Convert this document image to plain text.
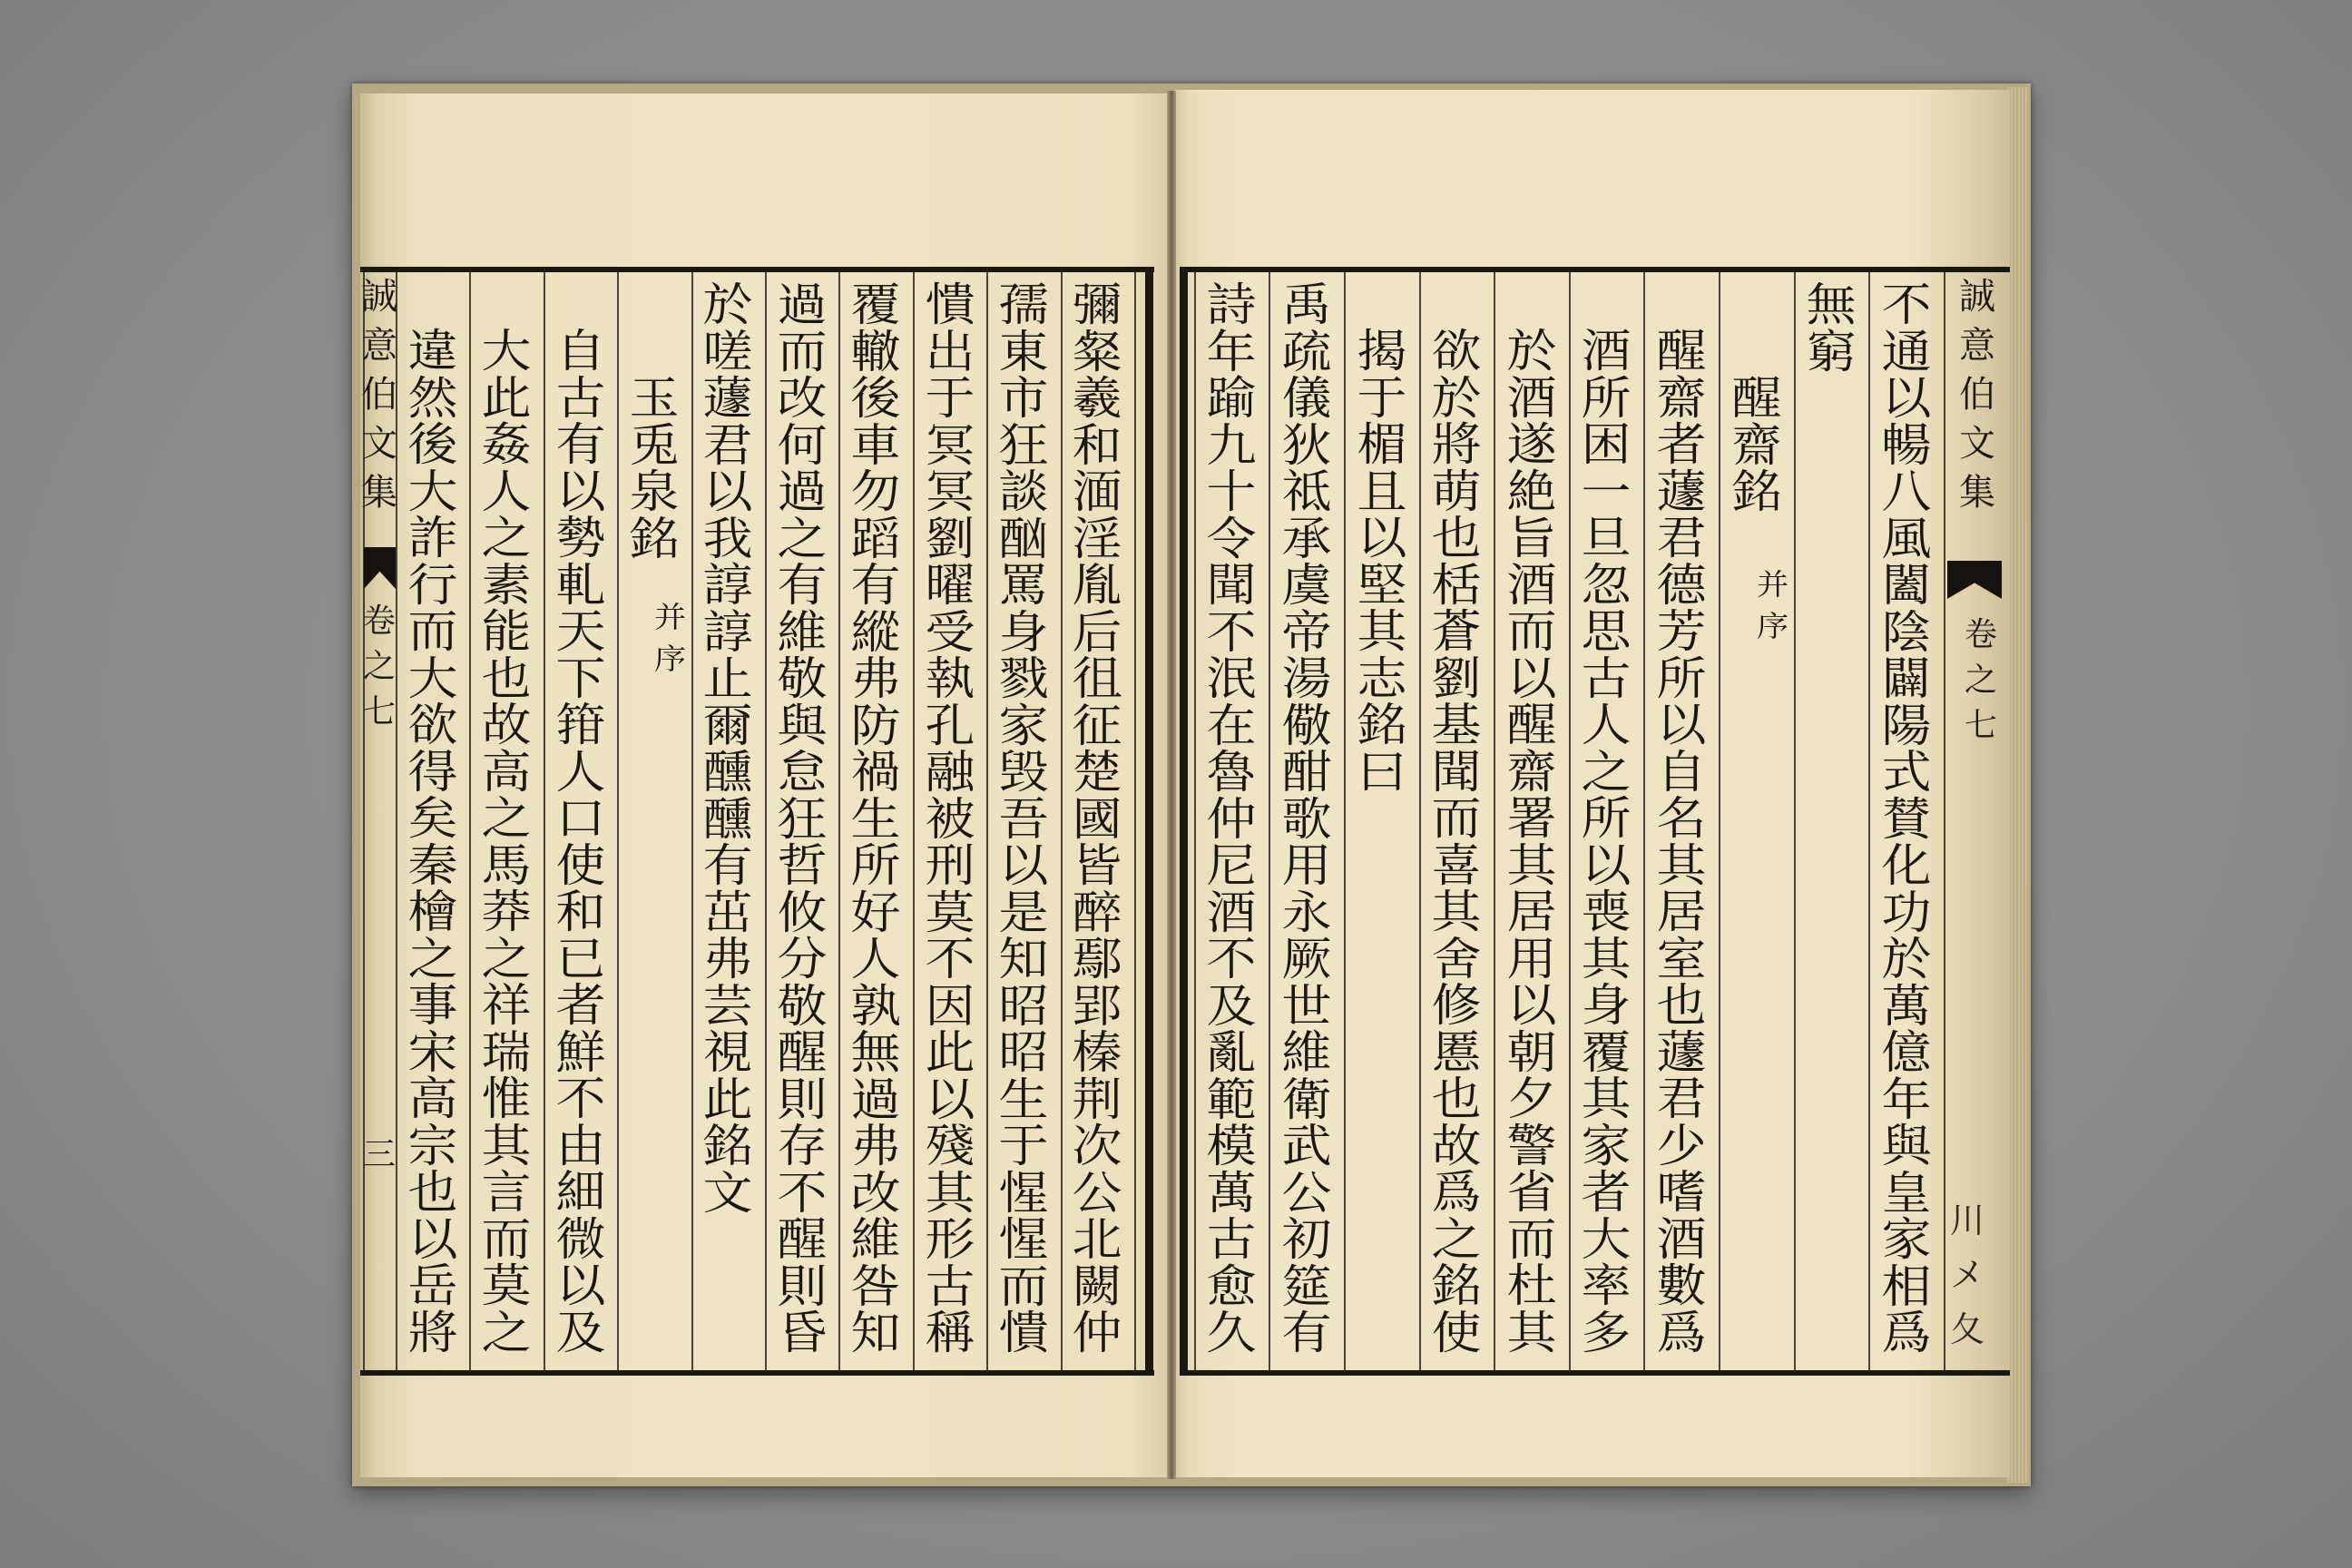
誠意伯文集
卷之七
三
彌粲羲和湎淫胤后徂征楚國皆醉鄢郢榛荆次公北闕仲
孺東市狂談酗罵身戮家毁吾以是知昭昭生于惺惺而憒
憒出于冥冥劉曜受執孔融被刑莫不因此以殘其形古稱
覆轍後車勿蹈有縱弗防禍生所好人孰無過弗改維咎知
過而改何過之有維敬與怠狂哲攸分敬醒則存不醒則昏
於嗟蘧君以我諄諄止爾醺醺有茁弗芸視此銘文
玉兎泉銘
并序
自古有以勢軋天下箝人口使和已者鮮不由細微以及
大此姦人之素能也故高之馬莽之祥瑞惟其言而莫之
違然後大詐行而大欲得矣秦檜之事宋高宗也以岳將
誠意伯文集
卷之七
川メ夂
不通以暢八風闔陰闢陽式賛化功於萬億年與皇家相爲
無窮
醒齋銘
并序
醒齋者蘧君德芳所以自名其居室也蘧君少嗜酒數爲
酒所困一旦忽思古人之所以喪其身覆其家者大率多
於酒遂絶旨酒而以醒齋署其居用以朝夕警省而杜其
欲於將萌也栝蒼劉基聞而喜其舍修慝也故爲之銘使
揭于楣且以堅其志銘曰
禹疏儀狄祗承虞帝湯儆酣歌用永厥世維衛武公初筵有
詩年踰九十令聞不泯在魯仲尼酒不及亂範模萬古愈久
